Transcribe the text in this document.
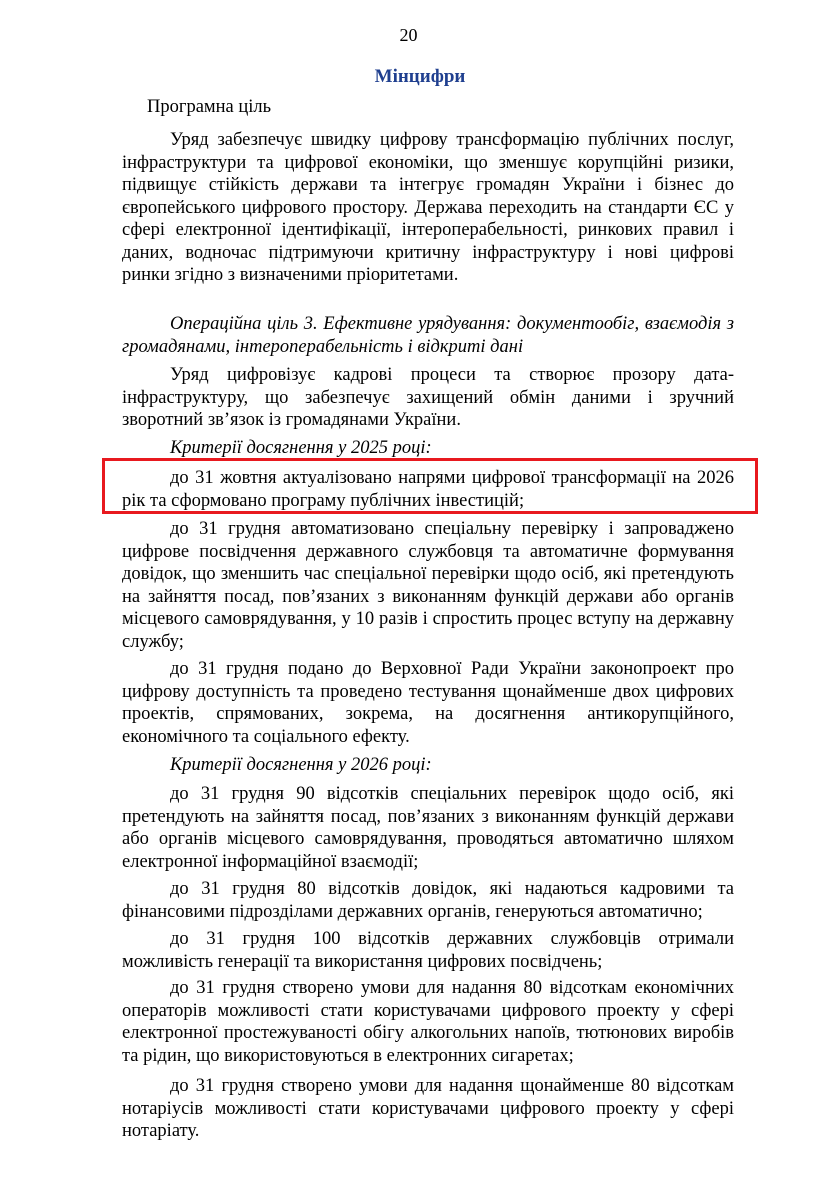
20
Мінцифри
Програмна ціль
Уряд забезпечує швидку цифрову трансформацію публічних послуг, інфраструктури та цифрової економіки, що зменшує корупційні ризики, підвищує стійкість держави та інтегрує громадян України і бізнес до європейського цифрового простору. Держава переходить на стандарти ЄС у сфері електронної ідентифікації, інтероперабельності, ринкових правил і даних, водночас підтримуючи критичну інфраструктуру і нові цифрові ринки згідно з визначеними пріоритетами.
Операційна ціль 3. Ефективне урядування: документообіг, взаємодія з громадянами, інтероперабельність і відкриті дані
Уряд цифровізує кадрові процеси та створює прозору дата-інфраструктуру, що забезпечує захищений обмін даними і зручний зворотний зв’язок із громадянами України.
Критерії досягнення у 2025 році:
до 31 жовтня актуалізовано напрями цифрової трансформації на 2026 рік та сформовано програму публічних інвестицій;
до 31 грудня автоматизовано спеціальну перевірку і запроваджено цифрове посвідчення державного службовця та автоматичне формування довідок, що зменшить час спеціальної перевірки щодо осіб, які претендують на зайняття посад, пов’язаних з виконанням функцій держави або органів місцевого самоврядування, у 10 разів і спростить процес вступу на державну службу;
до 31 грудня подано до Верховної Ради України законопроект про цифрову доступність та проведено тестування щонайменше двох цифрових проектів, спрямованих, зокрема, на досягнення антикорупційного, економічного та соціального ефекту.
Критерії досягнення у 2026 році:
до 31 грудня 90 відсотків спеціальних перевірок щодо осіб, які претендують на зайняття посад, пов’язаних з виконанням функцій держави або органів місцевого самоврядування, проводяться автоматично шляхом електронної інформаційної взаємодії;
до 31 грудня 80 відсотків довідок, які надаються кадровими та фінансовими підрозділами державних органів, генеруються автоматично;
до 31 грудня 100 відсотків державних службовців отримали можливість генерації та використання цифрових посвідчень;
до 31 грудня створено умови для надання 80 відсоткам економічних операторів можливості стати користувачами цифрового проекту у сфері електронної простежуваності обігу алкогольних напоїв, тютюнових виробів та рідин, що використовуються в електронних сигаретах;
до 31 грудня створено умови для надання щонайменше 80 відсоткам нотаріусів можливості стати користувачами цифрового проекту у сфері нотаріату.
